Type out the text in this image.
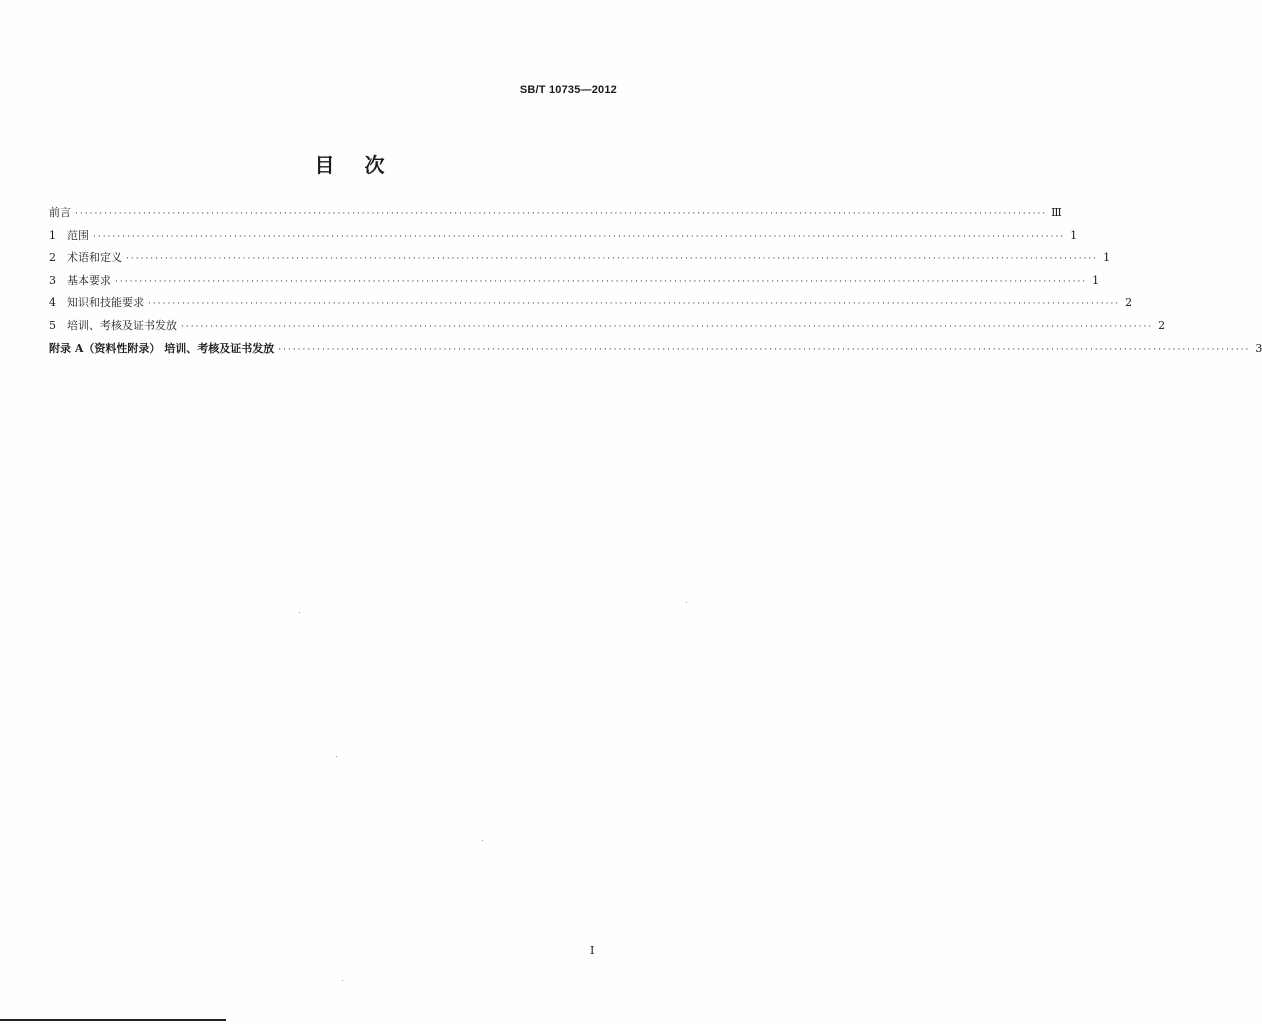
SB/T 10735—2012
目次
前言 ········································································································································································································ Ⅲ
1	范围 ········································································································································································································ 1
2	术语和定义 ········································································································································································································ 1
3	基本要求 ········································································································································································································ 1
4	知识和技能要求 ········································································································································································································ 2
5	培训、考核及证书发放 ········································································································································································································ 2
附录 A（资料性附录） 培训、考核及证书发放 ········································································································································································································ 3
I
